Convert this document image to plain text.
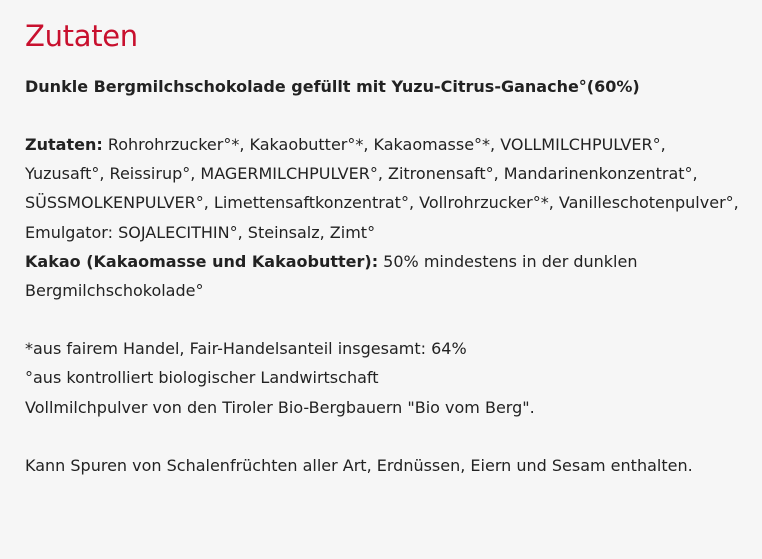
Zutaten

Dunkle Bergmilchschokolade gefüllt mit Yuzu-Citrus-Ganache°(60%)

Zutaten: Rohrohrzucker°*, Kakaobutter°*, Kakaomasse°*, VOLLMILCHPULVER°, Yuzusaft°, Reissirup°, MAGERMILCHPULVER°, Zitronensaft°, Mandarinenkonzentrat°, SÜSSMOLKENPULVER°, Limettensaftkonzentrat°, Vollrohrzucker°*, Vanilleschotenpulver°, Emulgator: SOJALECITHIN°, Steinsalz, Zimt°

Kakao (Kakaomasse und Kakaobutter): 50% mindestens in der dunklen Bergmilchschokolade°

*aus fairem Handel, Fair-Handelsanteil insgesamt: 64%

°aus kontrolliert biologischer Landwirtschaft

Vollmilchpulver von den Tiroler Bio-Bergbauern "Bio vom Berg".

Kann Spuren von Schalenfrüchten aller Art, Erdnüssen, Eiern und Sesam enthalten.
